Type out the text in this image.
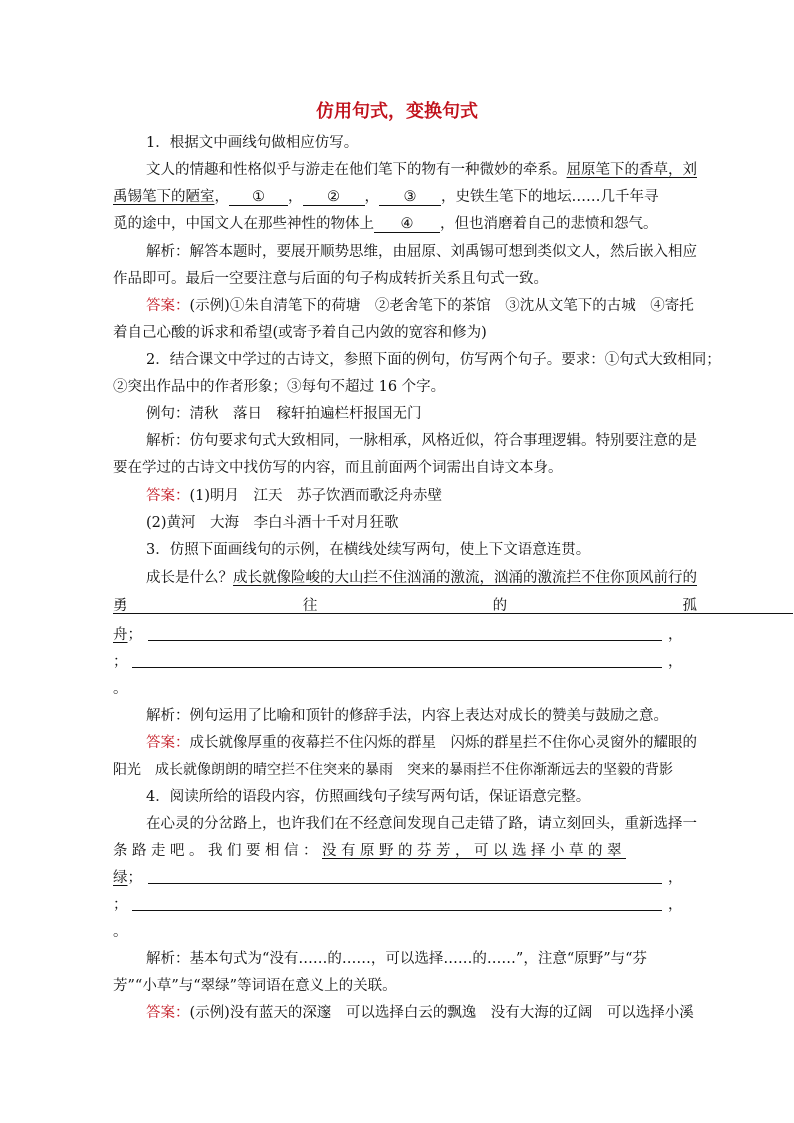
仿用句式，变换句式
1．根据文中画线句做相应仿写。
文人的情趣和性格似乎与游走在他们笔下的物有一种微妙的牵系。屈原笔下的香草，刘
禹锡笔下的陋室， ① ， ② ， ③ ，史铁生笔下的地坛……几千年寻
觅的途中，中国文人在那些神性的物体上 ④ ，但也消磨着自己的悲愤和怨气。
解析：解答本题时，要展开顺势思维，由屈原、刘禹锡可想到类似文人，然后嵌入相应
作品即可。最后一空要注意与后面的句子构成转折关系且句式一致。
答案：(示例)①朱自清笔下的荷塘　②老舍笔下的茶馆　③沈从文笔下的古城　④寄托
着自己心酸的诉求和希望(或寄予着自己内敛的宽容和修为)
2．结合课文中学过的古诗文，参照下面的例句，仿写两个句子。要求：①句式大致相同；
②突出作品中的作者形象；③每句不超过 16 个字。
例句：清秋　落日　稼轩拍遍栏杆报国无门
解析：仿句要求句式大致相同，一脉相承，风格近似，符合事理逻辑。特别要注意的是
要在学过的古诗文中找仿写的内容，而且前面两个词需出自诗文本身。
答案：(1)明月　江天　苏子饮酒而歌泛舟赤壁
(2)黄河　大海　李白斗酒十千对月狂歌
3．仿照下面画线句的示例，在横线处续写两句，使上下文语意连贯。
成长是什么？成长就像险峻的大山拦不住汹涌的激流，汹涌的激流拦不住你顶风前行的
勇	往	的	孤
舟；	，
；	，
。
解析：例句运用了比喻和顶针的修辞手法，内容上表达对成长的赞美与鼓励之意。
答案：成长就像厚重的夜幕拦不住闪烁的群星　闪烁的群星拦不住你心灵窗外的耀眼的
阳光　成长就像朗朗的晴空拦不住突来的暴雨　突来的暴雨拦不住你渐渐远去的坚毅的背影
4．阅读所给的语段内容，仿照画线句子续写两句话，保证语意完整。
在心灵的分岔路上，也许我们在不经意间发现自己走错了路，请立刻回头，重新选择一
条路走吧。我们要相信：没有原野的芬芳，可以选择小草的翠
绿；	，
；	，
。
解析：基本句式为“没有……的……，可以选择……的……”，注意“原野”与“芬
芳”“小草”与“翠绿”等词语在意义上的关联。
答案：(示例)没有蓝天的深邃　可以选择白云的飘逸　没有大海的辽阔　可以选择小溪
